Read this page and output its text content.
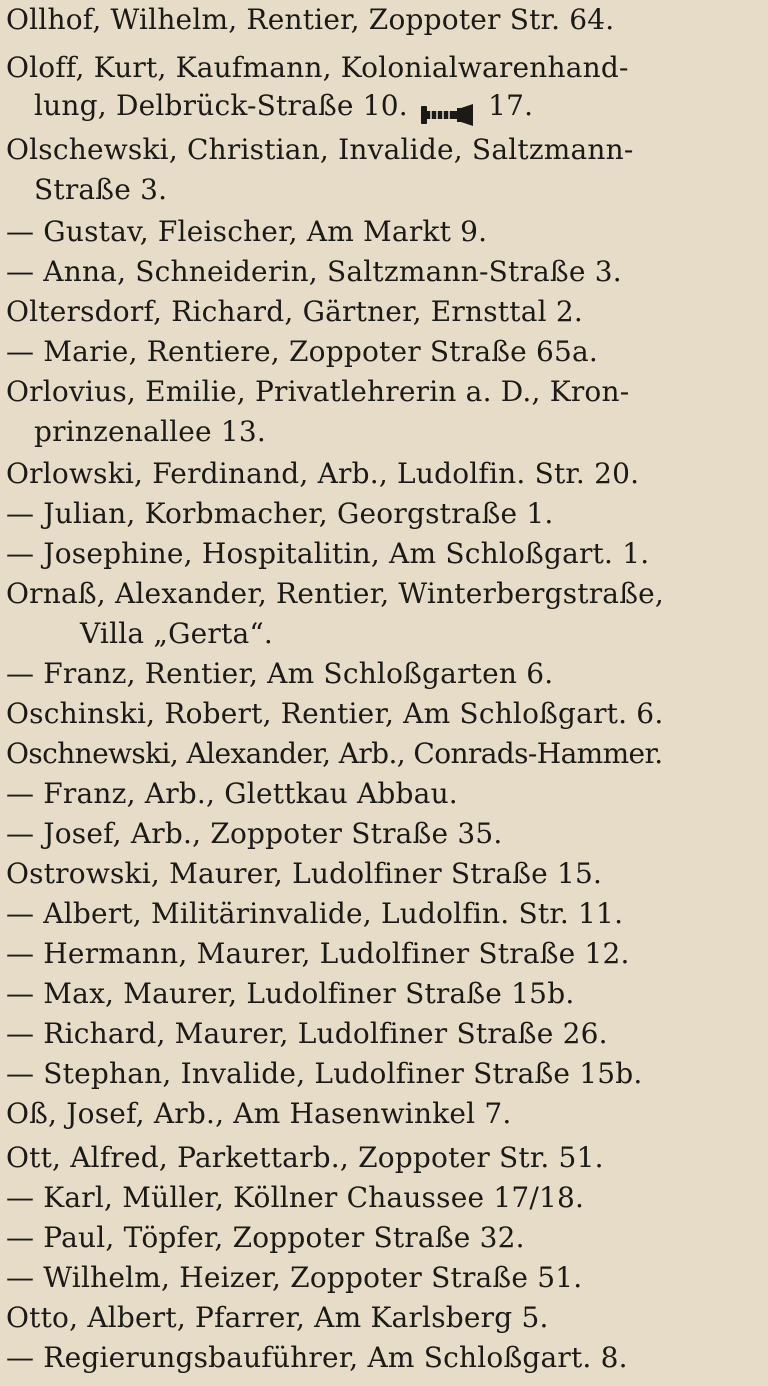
Ollhof, Wilhelm, Rentier, Zoppoter Str. 64.
Oloff, Kurt, Kaufmann, Kolonialwarenhand-
lung, Delbrück-Straße 10.	17.
Olschewski, Christian, Invalide, Saltzmann-
Straße 3.
— Gustav, Fleischer, Am Markt 9.
— Anna, Schneiderin, Saltzmann-Straße 3.
Oltersdorf, Richard, Gärtner, Ernsttal 2.
— Marie, Rentiere, Zoppoter Straße 65a.
Orlovius, Emilie, Privatlehrerin a. D., Kron-
prinzenallee 13.
Orlowski, Ferdinand, Arb., Ludolfin. Str. 20.
— Julian, Korbmacher, Georgstraße 1.
— Josephine, Hospitalitin, Am Schloßgart. 1.
Ornaß, Alexander, Rentier, Winterbergstraße,
Villa „Gerta“.
— Franz, Rentier, Am Schloßgarten 6.
Oschinski, Robert, Rentier, Am Schloßgart. 6.
Oschnewski, Alexander, Arb., Conrads-Hammer.
— Franz, Arb., Glettkau Abbau.
— Josef, Arb., Zoppoter Straße 35.
Ostrowski, Maurer, Ludolfiner Straße 15.
— Albert, Militärinvalide, Ludolfin. Str. 11.
— Hermann, Maurer, Ludolfiner Straße 12.
— Max, Maurer, Ludolfiner Straße 15b.
— Richard, Maurer, Ludolfiner Straße 26.
— Stephan, Invalide, Ludolfiner Straße 15b.
Oß, Josef, Arb., Am Hasenwinkel 7.
Ott, Alfred, Parkettarb., Zoppoter Str. 51.
— Karl, Müller, Köllner Chaussee 17/18.
— Paul, Töpfer, Zoppoter Straße 32.
— Wilhelm, Heizer, Zoppoter Straße 51.
Otto, Albert, Pfarrer, Am Karlsberg 5.
— Regierungsbauführer, Am Schloßgart. 8.
